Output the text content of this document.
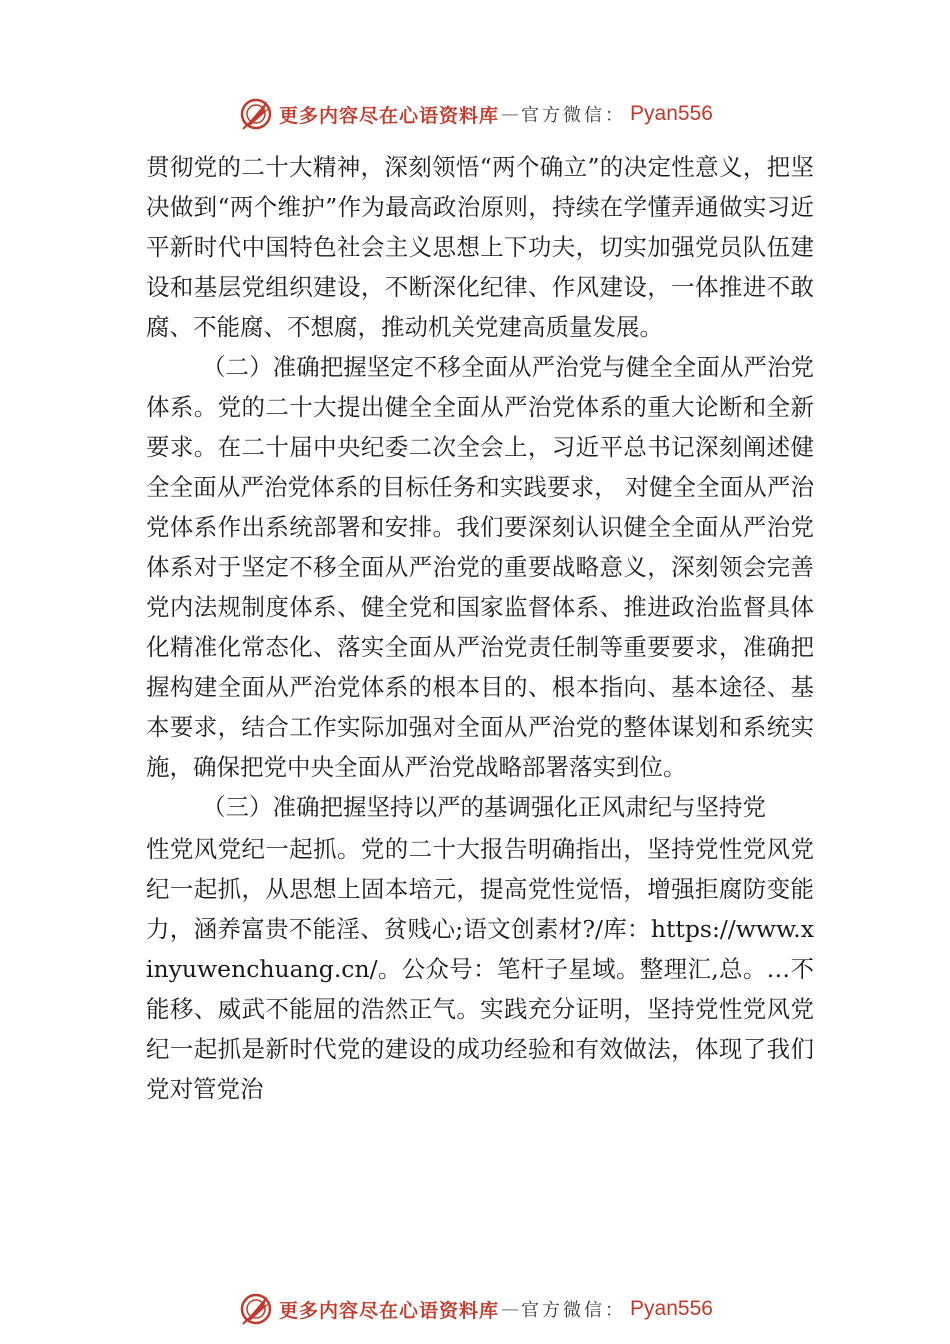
更多内容尽在心语资料库 — 官方微信： Pyan556

贯彻党的二十大精神，深刻领悟“两个确立”的决定性意义，把坚决做到“两个维护”作为最高政治原则，持续在学懂弄通做实习近平新时代中国特色社会主义思想上下功夫，切实加强党员队伍建设和基层党组织建设，不断深化纪律、作风建设，一体推进不敢腐、不能腐、不想腐，推动机关党建高质量发展。

（二）准确把握坚定不移全面从严治党与健全全面从严治党体系。党的二十大提出健全全面从严治党体系的重大论断和全新要求。在二十届中央纪委二次全会上，习近平总书记深刻阐述健全全面从严治党体系的目标任务和实践要求， 对健全全面从严治党体系作出系统部署和安排。我们要深刻认识健全全面从严治党体系对于坚定不移全面从严治党的重要战略意义，深刻领会完善党内法规制度体系、健全党和国家监督体系、推进政治监督具体化精准化常态化、落实全面从严治党责任制等重要要求，准确把握构建全面从严治党体系的根本目的、根本指向、基本途径、基本要求，结合工作实际加强对全面从严治党的整体谋划和系统实施，确保把党中央全面从严治党战略部署落实到位。

（三）准确把握坚持以严的基调强化正风肃纪与坚持党

性党风党纪一起抓。党的二十大报告明确指出，坚持党性党风党纪一起抓，从思想上固本培元，提高党性觉悟，增强拒腐防变能力，涵养富贵不能淫、贫贱心;语文创素材?/库：https://www.xinyuwenchuang.cn/。公众号：笔杆子星域。整理汇,总。…不能移、威武不能屈的浩然正气。实践充分证明，坚持党性党风党纪一起抓是新时代党的建设的成功经验和有效做法，体现了我们党对管党治

更多内容尽在心语资料库 — 官方微信： Pyan556
